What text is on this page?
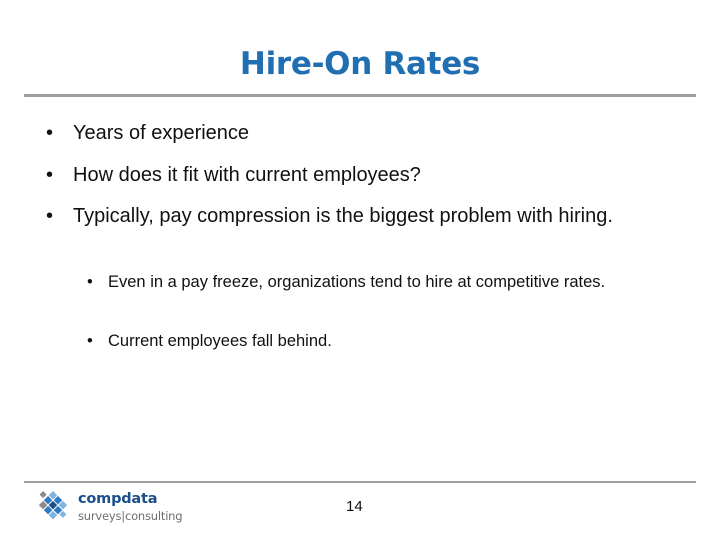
Hire-On Rates
• Years of experience
• How does it fit with current employees?
• Typically, pay compression is the biggest problem with hiring.
• Even in a pay freeze, organizations tend to hire at competitive rates.
• Current employees fall behind.
compdata
surveys|consulting
14
